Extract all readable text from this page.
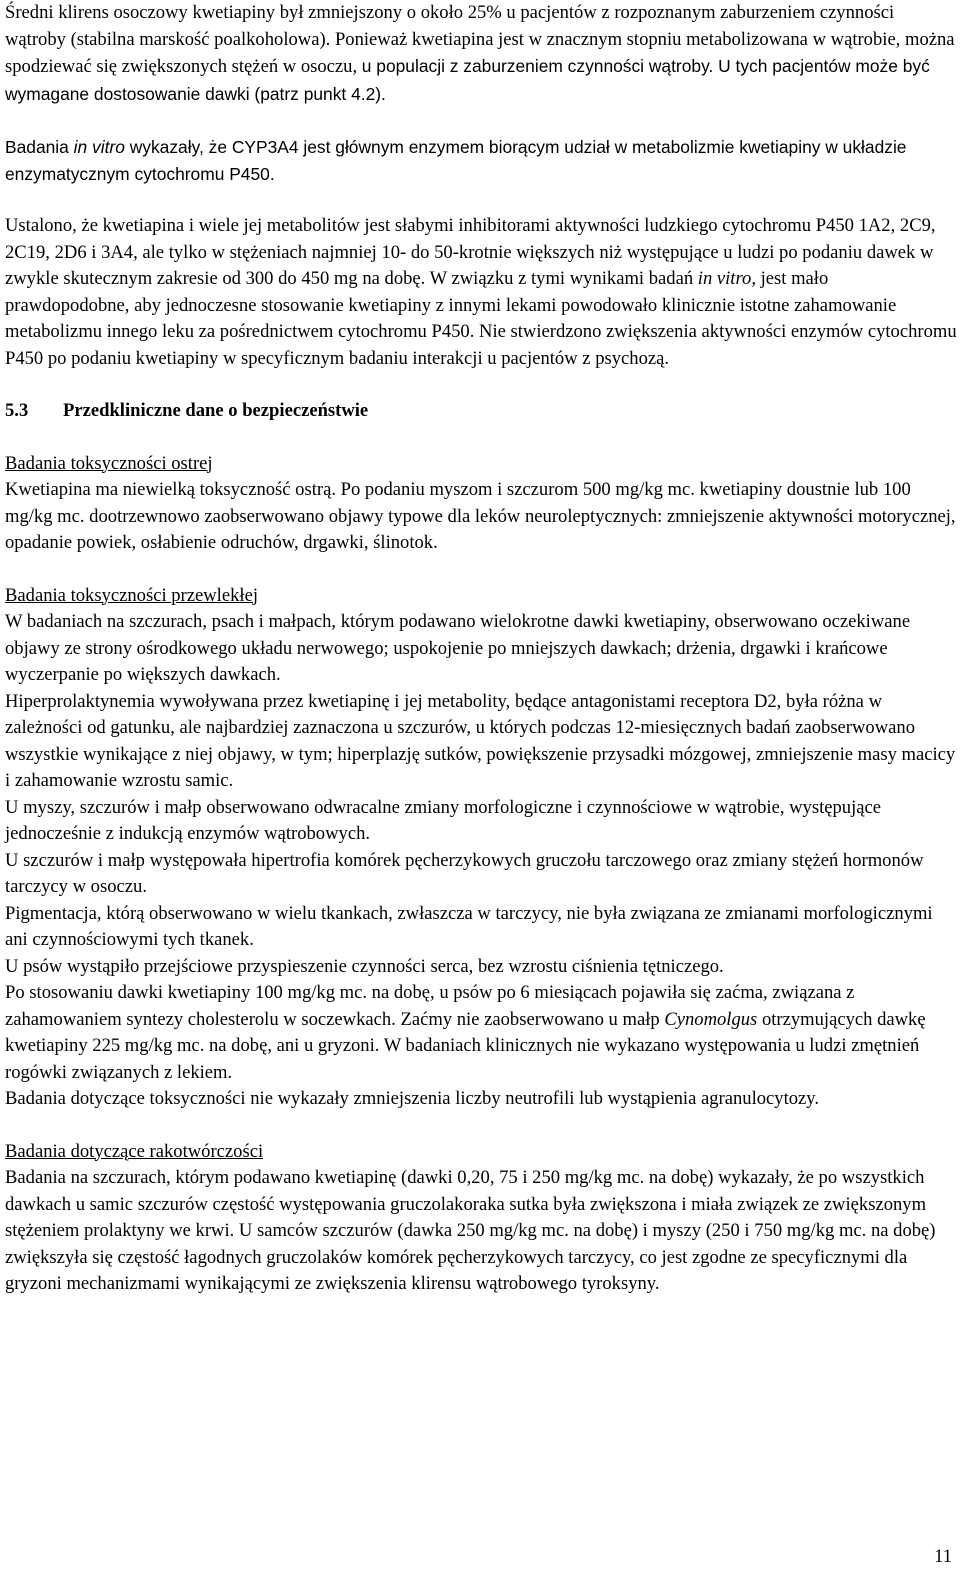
Średni klirens osoczowy kwetiapiny był zmniejszony o około 25% u pacjentów z rozpoznanym zaburzeniem czynności wątroby (stabilna marskość poalkoholowa). Ponieważ kwetiapina jest w znacznym stopniu metabolizowana w wątrobie, można spodziewać się zwiększonych stężeń w osoczu, u populacji z zaburzeniem czynności wątroby. U tych pacjentów może być wymagane dostosowanie dawki (patrz punkt 4.2).

Badania in vitro wykazały, że CYP3A4 jest głównym enzymem biorącym udział w metabolizmie kwetiapiny w układzie enzymatycznym cytochromu P450.

Ustalono, że kwetiapina i wiele jej metabolitów jest słabymi inhibitorami aktywności ludzkiego cytochromu P450 1A2, 2C9, 2C19, 2D6 i 3A4, ale tylko w stężeniach najmniej 10- do 50-krotnie większych niż występujące u ludzi po podaniu dawek w zwykle skutecznym zakresie od 300 do 450 mg na dobę. W związku z tymi wynikami badań in vitro, jest mało prawdopodobne, aby jednoczesne stosowanie kwetiapiny z innymi lekami powodowało klinicznie istotne zahamowanie metabolizmu innego leku za pośrednictwem cytochromu P450. Nie stwierdzono zwiększenia aktywności enzymów cytochromu P450 po podaniu kwetiapiny w specyficznym badaniu interakcji u pacjentów z psychozą.

5.3 Przedkliniczne dane o bezpieczeństwie

Badania toksyczności ostrej

Kwetiapina ma niewielką toksyczność ostrą. Po podaniu myszom i szczurom 500 mg/kg mc. kwetiapiny doustnie lub 100 mg/kg mc. dootrzewnowo zaobserwowano objawy typowe dla leków neuroleptycznych: zmniejszenie aktywności motorycznej, opadanie powiek, osłabienie odruchów, drgawki, ślinotok.

Badania toksyczności przewlekłej

W badaniach na szczurach, psach i małpach, którym podawano wielokrotne dawki kwetiapiny, obserwowano oczekiwane objawy ze strony ośrodkowego układu nerwowego; uspokojenie po mniejszych dawkach; drżenia, drgawki i krańcowe wyczerpanie po większych dawkach.

Hiperprolaktynemia wywoływana przez kwetiapinę i jej metabolity, będące antagonistami receptora D2, była różna w zależności od gatunku, ale najbardziej zaznaczona u szczurów, u których podczas 12-miesięcznych badań zaobserwowano wszystkie wynikające z niej objawy, w tym; hiperplazję sutków, powiększenie przysadki mózgowej, zmniejszenie masy macicy i zahamowanie wzrostu samic.

U myszy, szczurów i małp obserwowano odwracalne zmiany morfologiczne i czynnościowe w wątrobie, występujące jednocześnie z indukcją enzymów wątrobowych.

U szczurów i małp występowała hipertrofia komórek pęcherzykowych gruczołu tarczowego oraz zmiany stężeń hormonów tarczycy w osoczu.

Pigmentacja, którą obserwowano w wielu tkankach, zwłaszcza w tarczycy, nie była związana ze zmianami morfologicznymi ani czynnościowymi tych tkanek.

U psów wystąpiło przejściowe przyspieszenie czynności serca, bez wzrostu ciśnienia tętniczego.

Po stosowaniu dawki kwetiapiny 100 mg/kg mc. na dobę, u psów po 6 miesiącach pojawiła się zaćma, związana z zahamowaniem syntezy cholesterolu w soczewkach. Zaćmy nie zaobserwowano u małp Cynomolgus otrzymujących dawkę kwetiapiny 225 mg/kg mc. na dobę, ani u gryzoni. W badaniach klinicznych nie wykazano występowania u ludzi zmętnień rogówki związanych z lekiem.

Badania dotyczące toksyczności nie wykazały zmniejszenia liczby neutrofili lub wystąpienia agranulocytozy.

Badania dotyczące rakotwórczości

Badania na szczurach, którym podawano kwetiapinę (dawki 0,20, 75 i 250 mg/kg mc. na dobę) wykazały, że po wszystkich dawkach u samic szczurów częstość występowania gruczolakoraka sutka była zwiększona i miała związek ze zwiększonym stężeniem prolaktyny we krwi. U samców szczurów (dawka 250 mg/kg mc. na dobę) i myszy (250 i 750 mg/kg mc. na dobę) zwiększyła się częstość łagodnych gruczolaków komórek pęcherzykowych tarczycy, co jest zgodne ze specyficznymi dla gryzoni mechanizmami wynikającymi ze zwiększenia klirensu wątrobowego tyroksyny.

11
